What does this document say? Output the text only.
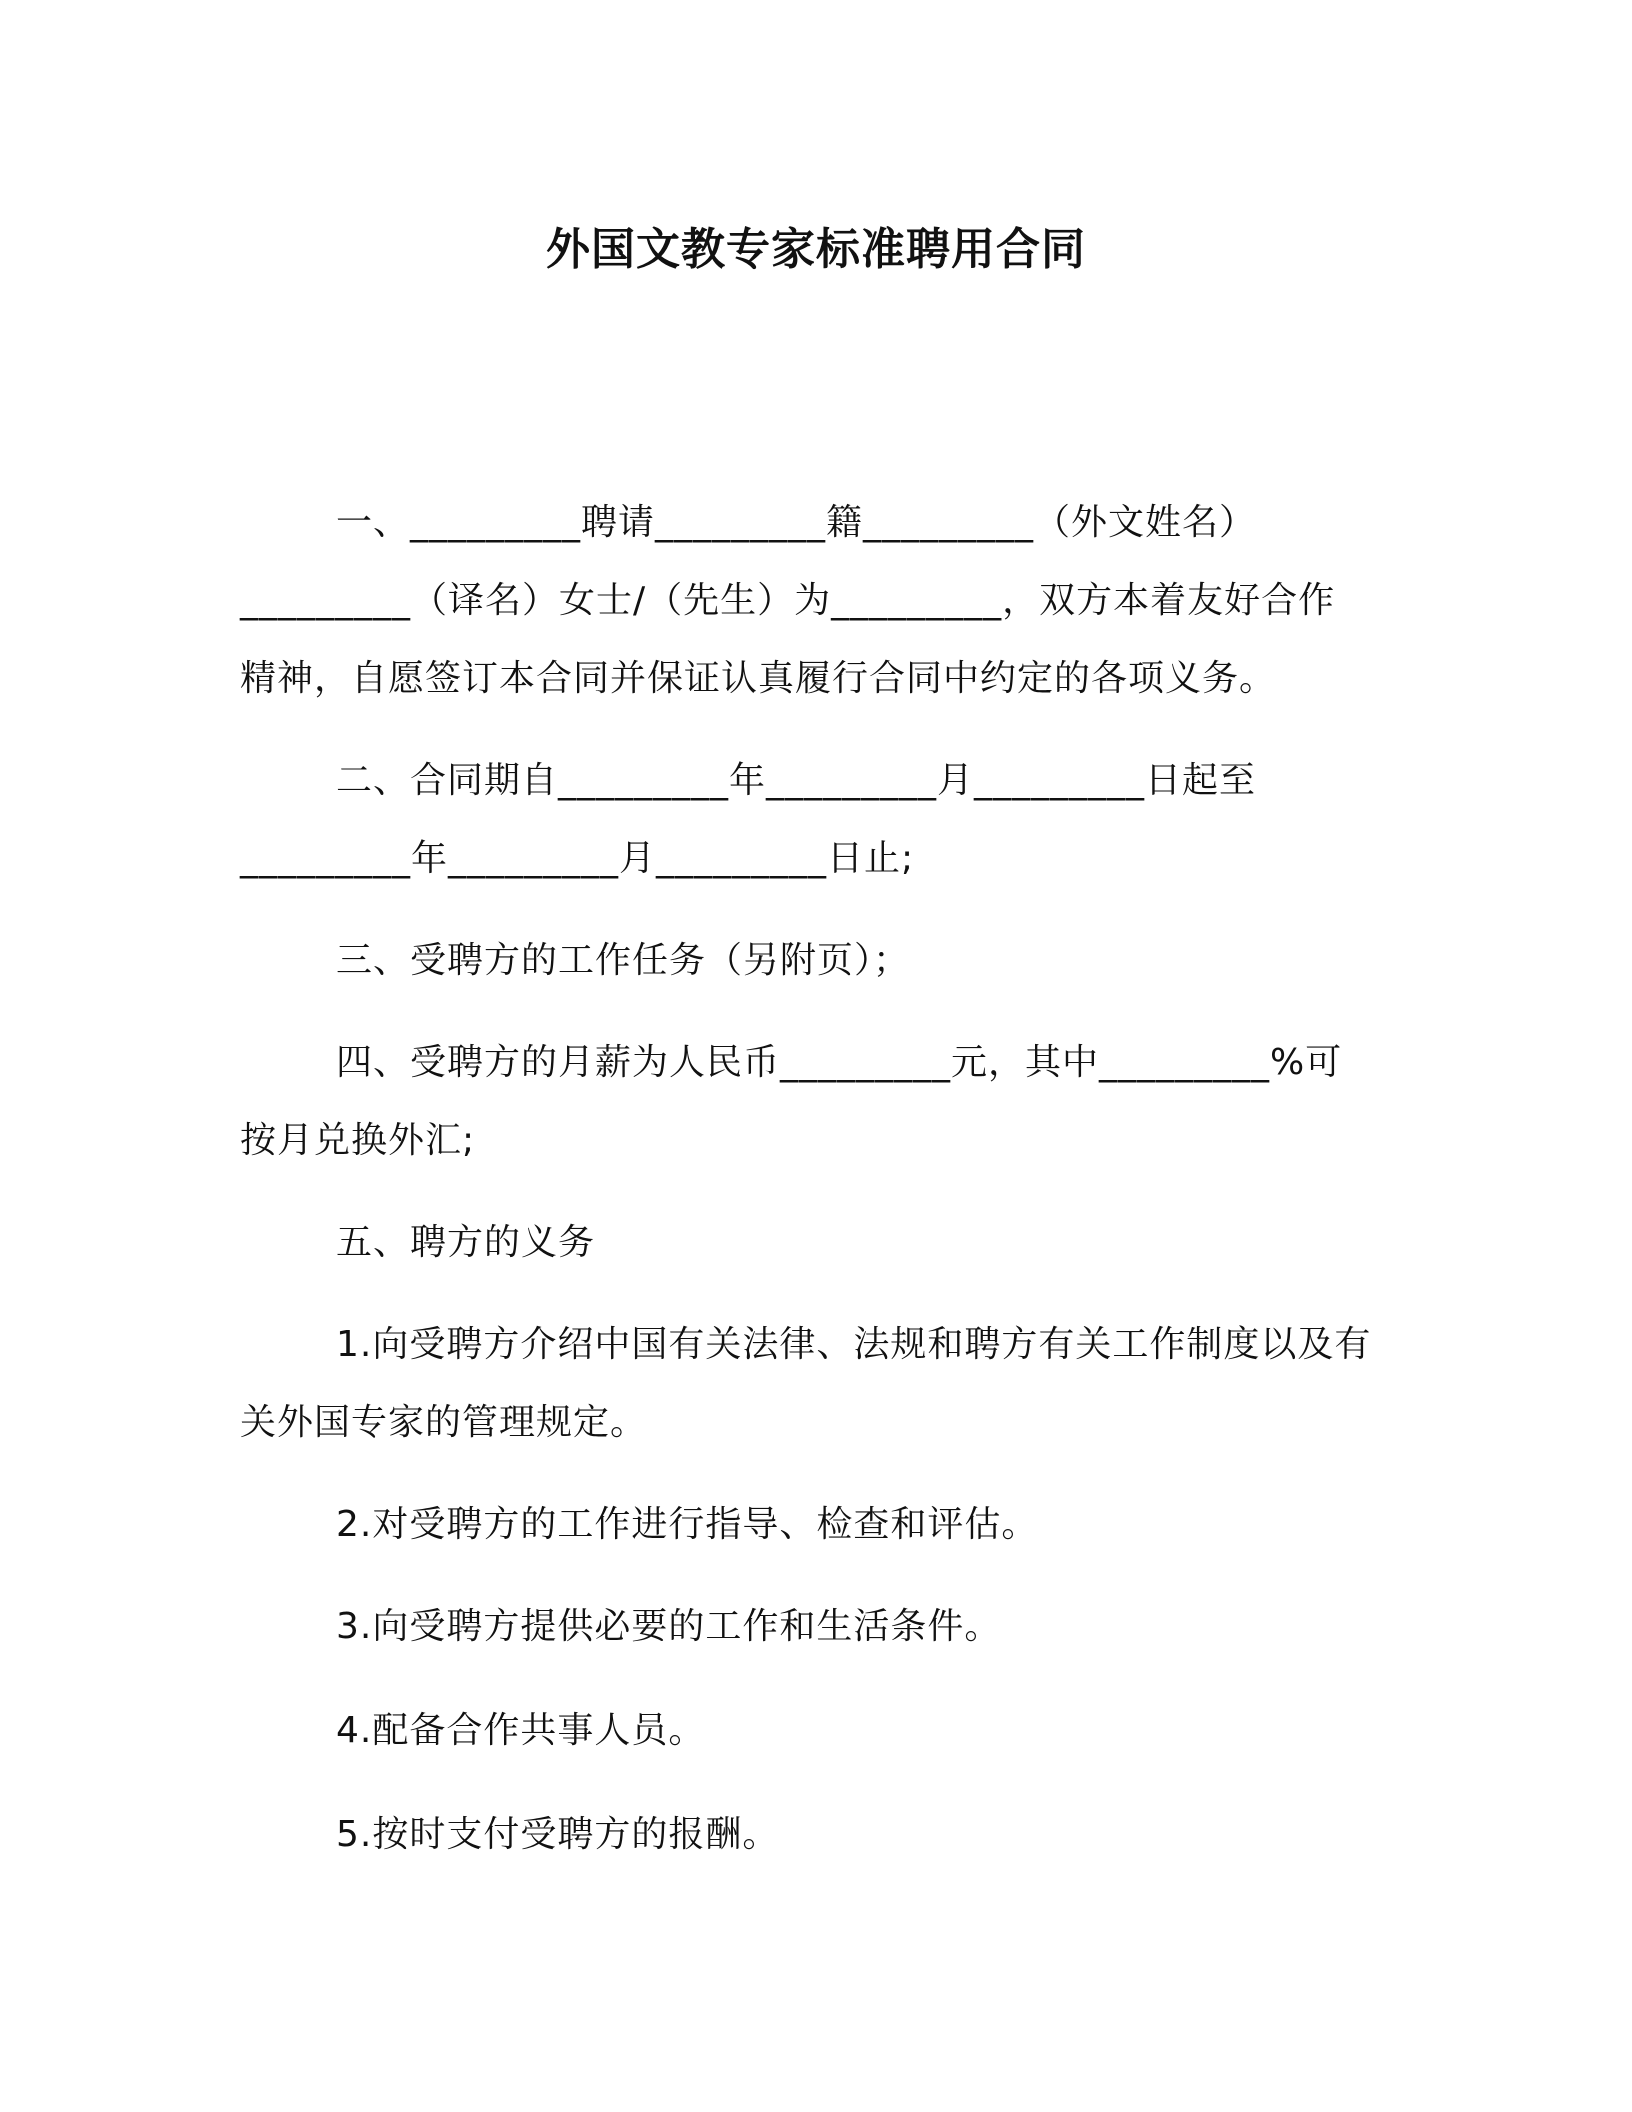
外国文教专家标准聘用合同
一、_________聘请_________籍_________（外文姓名）
_________（译名）女士/（先生）为_________，双方本着友好合作
精神，自愿签订本合同并保证认真履行合同中约定的各项义务。
二、合同期自_________年_________月_________日起至
_________年_________月_________日止;
三、受聘方的工作任务（另附页）；
四、受聘方的月薪为人民币_________元，其中_________%可
按月兑换外汇;
五、聘方的义务
1.向受聘方介绍中国有关法律、法规和聘方有关工作制度以及有
关外国专家的管理规定。
2.对受聘方的工作进行指导、检查和评估。
3.向受聘方提供必要的工作和生活条件。
4.配备合作共事人员。
5.按时支付受聘方的报酬。
